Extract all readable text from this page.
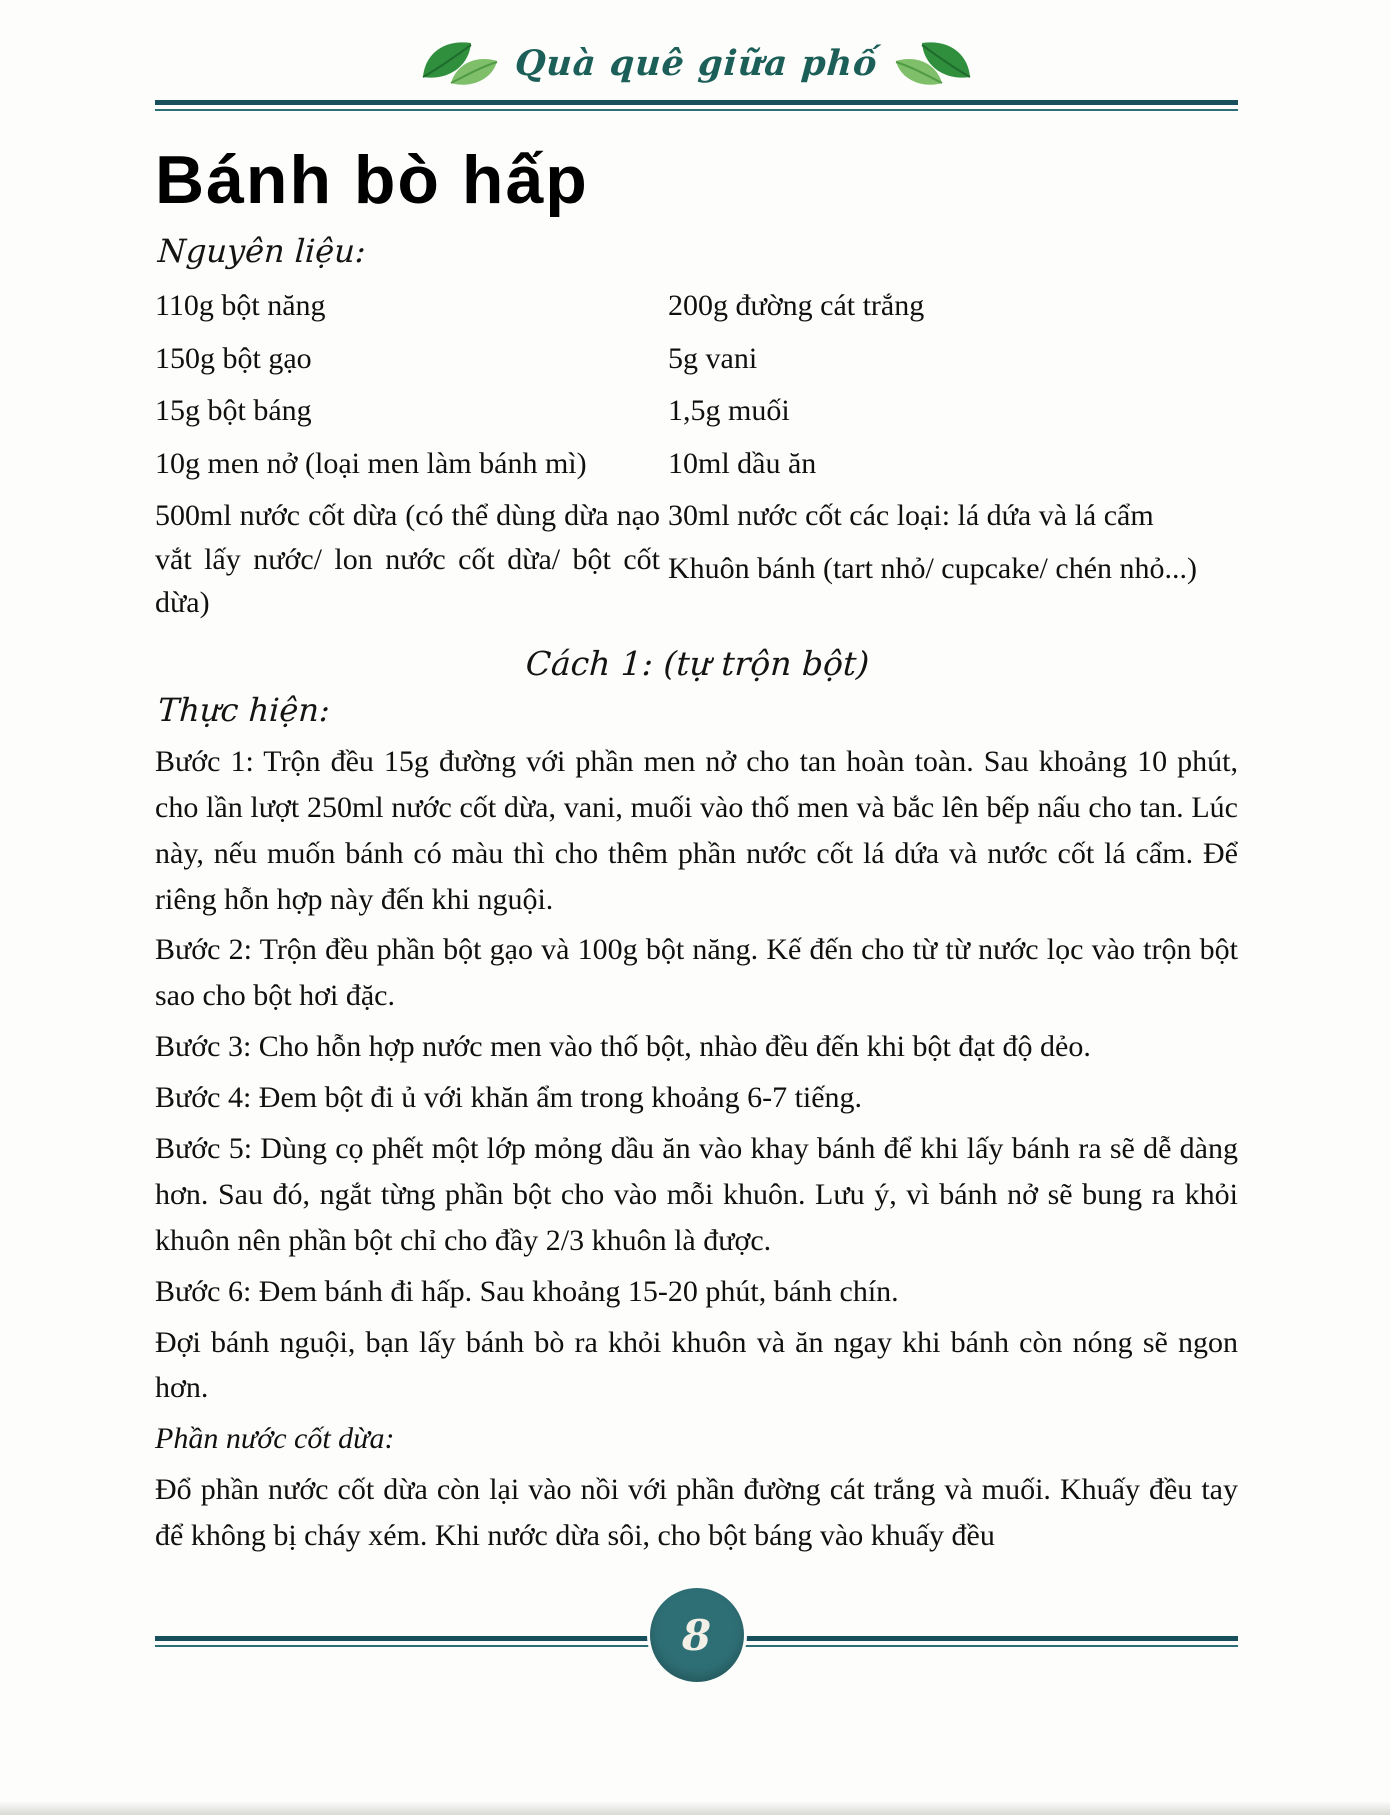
Quà quê giữa phố
Bánh bò hấp
Nguyên liệu:
110g bột năng
150g bột gạo
15g bột báng
10g men nở (loại men làm bánh mì)
500ml nước cốt dừa (có thể dùng dừa nạo vắt lấy nước/ lon nước cốt dừa/ bột cốt dừa)
200g đường cát trắng
5g vani
1,5g muối
10ml dầu ăn
30ml nước cốt các loại: lá dứa và lá cẩm
Khuôn bánh (tart nhỏ/ cupcake/ chén nhỏ...)
Cách 1: (tự trộn bột)
Thực hiện:

Bước 1: Trộn đều 15g đường với phần men nở cho tan hoàn toàn. Sau khoảng 10 phút, cho lần lượt 250ml nước cốt dừa, vani, muối vào thố men và bắc lên bếp nấu cho tan. Lúc này, nếu muốn bánh có màu thì cho thêm phần nước cốt lá dứa và nước cốt lá cẩm. Để riêng hỗn hợp này đến khi nguội.

Bước 2: Trộn đều phần bột gạo và 100g bột năng. Kế đến cho từ từ nước lọc vào trộn bột sao cho bột hơi đặc.

Bước 3: Cho hỗn hợp nước men vào thố bột, nhào đều đến khi bột đạt độ dẻo.

Bước 4: Đem bột đi ủ với khăn ẩm trong khoảng 6-7 tiếng.

Bước 5: Dùng cọ phết một lớp mỏng dầu ăn vào khay bánh để khi lấy bánh ra sẽ dễ dàng hơn. Sau đó, ngắt từng phần bột cho vào mỗi khuôn. Lưu ý, vì bánh nở sẽ bung ra khỏi khuôn nên phần bột chỉ cho đầy 2/3 khuôn là được.

Bước 6: Đem bánh đi hấp. Sau khoảng 15-20 phút, bánh chín.

Đợi bánh nguội, bạn lấy bánh bò ra khỏi khuôn và ăn ngay khi bánh còn nóng sẽ ngon hơn.

Phần nước cốt dừa:

Đổ phần nước cốt dừa còn lại vào nồi với phần đường cát trắng và muối. Khuấy đều tay để không bị cháy xém. Khi nước dừa sôi, cho bột báng vào khuấy đều

8
